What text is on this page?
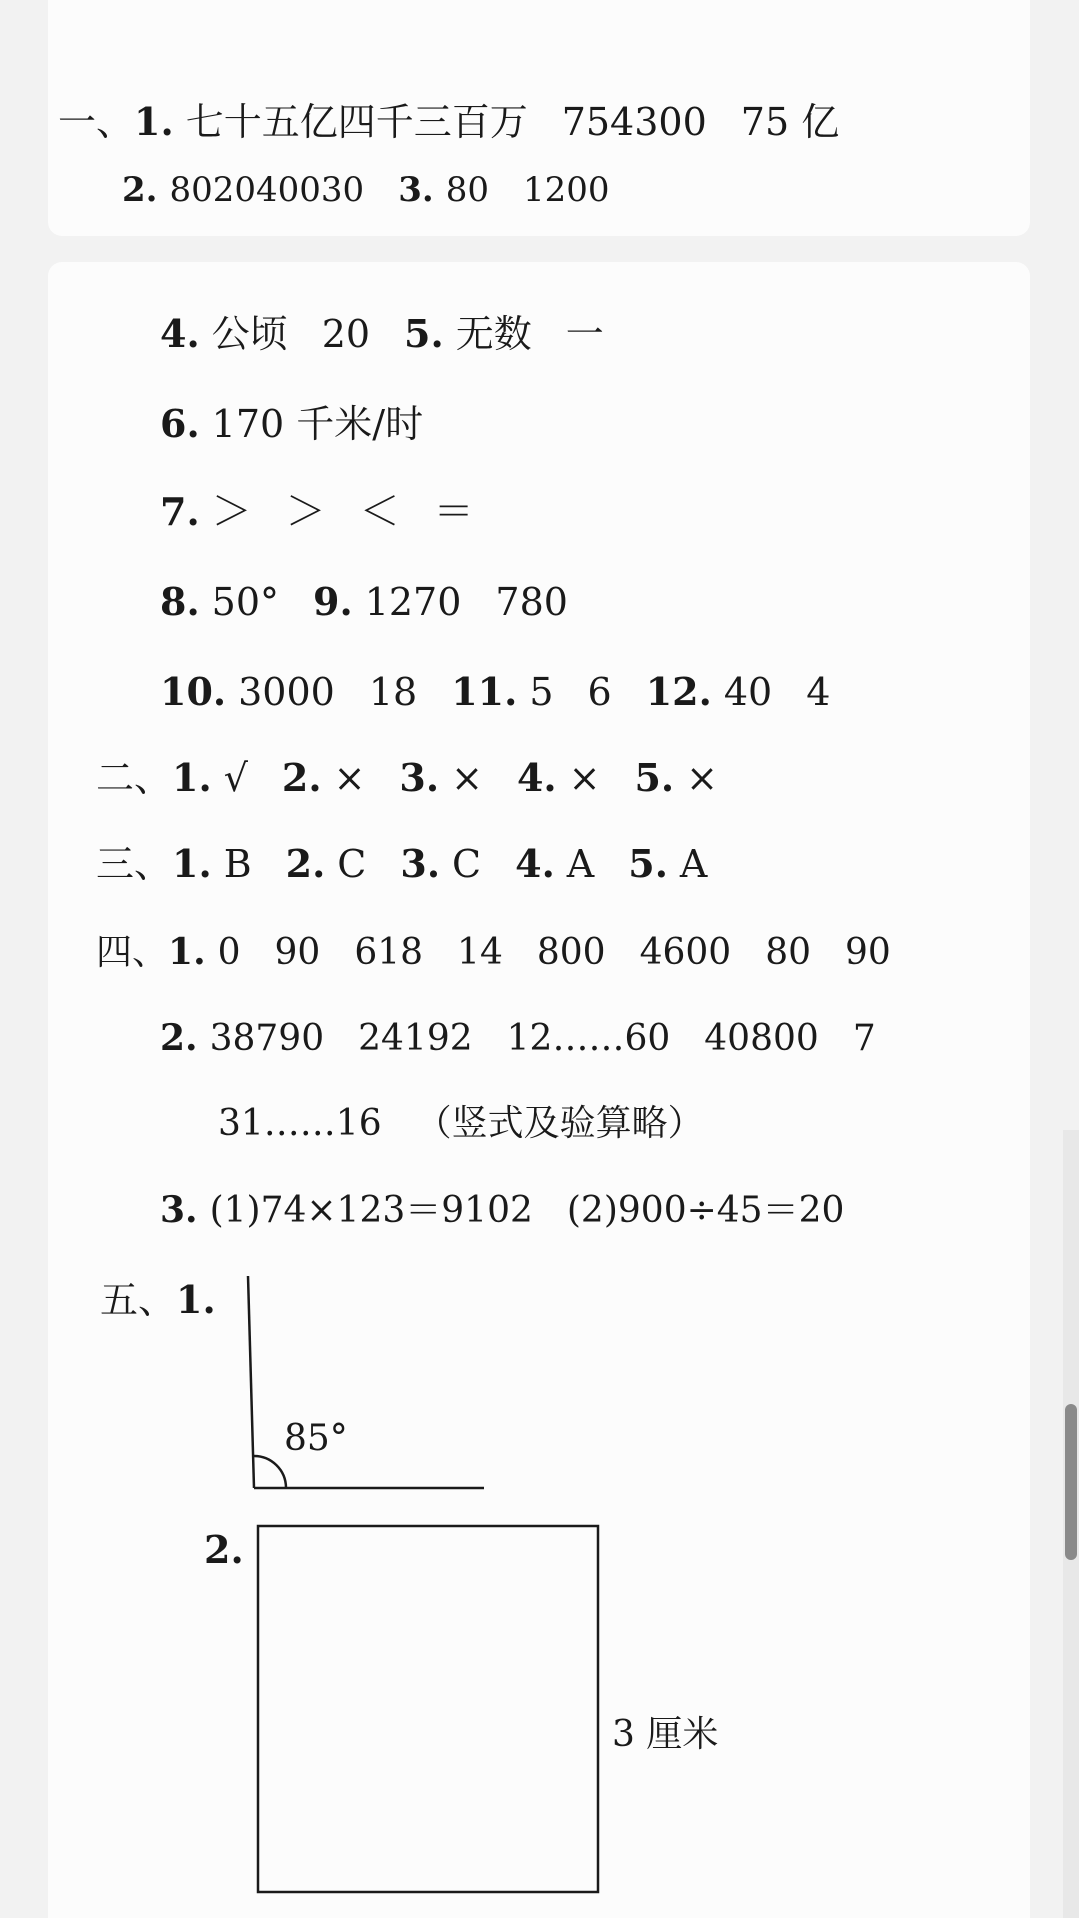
一、1. 七十五亿四千三百万 754300 75 亿
2. 802040030 3. 80 1200
4. 公顷 20 5. 无数 一
6. 170 千米/时
7. ＞ ＞ ＜ ＝
8. 50° 9. 1270 780
10. 3000 18 11. 5 6 12. 40 4
二、1. √ 2. × 3. × 4. × 5. ×
三、1. B 2. C 3. C 4. A 5. A
四、1. 0 90 618 14 800 4600 80 90
2. 38790 24192 12……60 40800 7
31……16 （竖式及验算略）
3. (1)74×123＝9102 (2)900÷45＝20
五、1.
85°
2.
3 厘米
